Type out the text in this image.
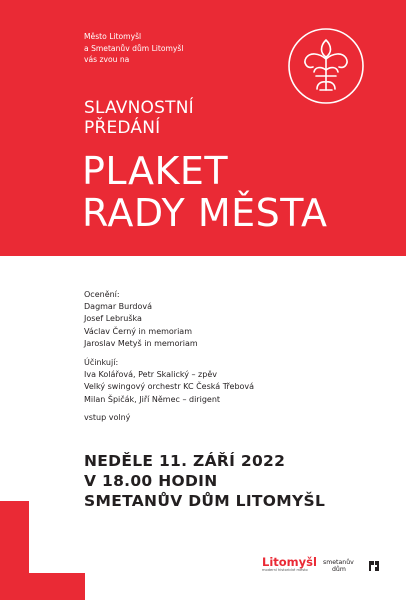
Město Litomyšl
a Smetanův dům Litomyšl
vás zvou na
SLAVNOSTNÍ
PŘEDÁNÍ
PLAKET
RADY MĚSTA
Ocenění:
Dagmar Burdová
Josef Lebruška
Václav Černý in memoriam
Jaroslav Metyš in memoriam
Účinkují:
Iva Kolářová, Petr Skalický – zpěv
Velký swingový orchestr KC Česká Třebová
Milan Špičák, Jiří Němec – dirigent
vstup volný
NEDĚLE 11. ZÁŘÍ 2022
V 18.00 HODIN
SMETANŮV DŮM LITOMYŠL
Litomyšl
moderní historické město
smetanův
dům
